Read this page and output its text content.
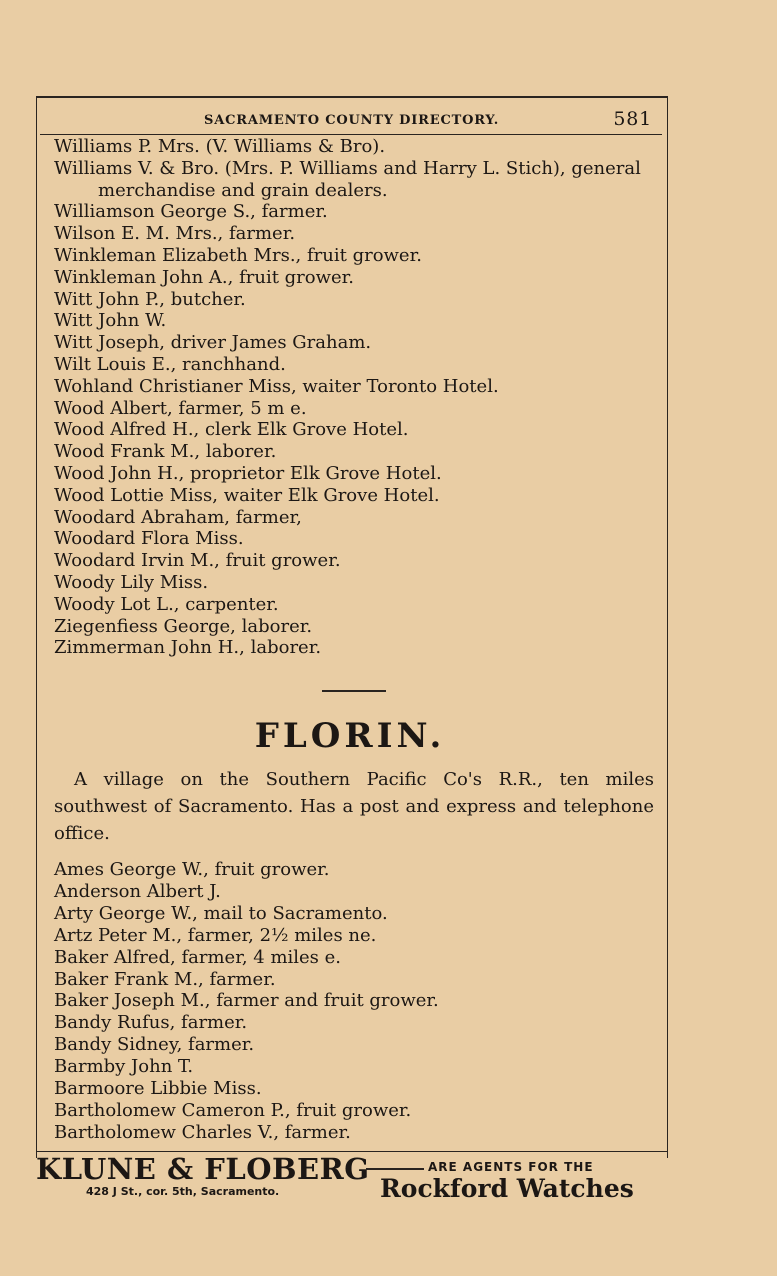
SACRAMENTO COUNTY DIRECTORY.	581
Williams P. Mrs. (V. Williams & Bro).
Williams V. & Bro. (Mrs. P. Williams and Harry L. Stich), general merchandise and grain dealers.
Williamson George S., farmer.
Wilson E. M. Mrs., farmer.
Winkleman Elizabeth Mrs., fruit grower.
Winkleman John A., fruit grower.
Witt John P., butcher.
Witt John W.
Witt Joseph, driver James Graham.
Wilt Louis E., ranchhand.
Wohland Christianer Miss, waiter Toronto Hotel.
Wood Albert, farmer, 5 m e.
Wood Alfred H., clerk Elk Grove Hotel.
Wood Frank M., laborer.
Wood John H., proprietor Elk Grove Hotel.
Wood Lottie Miss, waiter Elk Grove Hotel.
Woodard Abraham, farmer,
Woodard Flora Miss.
Woodard Irvin M., fruit grower.
Woody Lily Miss.
Woody Lot L., carpenter.
Ziegenfiess George, laborer.
Zimmerman John H., laborer.
FLORIN.
A village on the Southern Pacific Co's R.R., ten miles southwest of Sacramento. Has a post and express and telephone office.
Ames George W., fruit grower.
Anderson Albert J.
Arty George W., mail to Sacramento.
Artz Peter M., farmer, 2½ miles ne.
Baker Alfred, farmer, 4 miles e.
Baker Frank M., farmer.
Baker Joseph M., farmer and fruit grower.
Bandy Rufus, farmer.
Bandy Sidney, farmer.
Barmby John T.
Barmoore Libbie Miss.
Bartholomew Cameron P., fruit grower.
Bartholomew Charles V., farmer.
KLUNE & FLOBERG
428 J St., cor. 5th, Sacramento.
ARE AGENTS FOR THE
Rockford Watches
